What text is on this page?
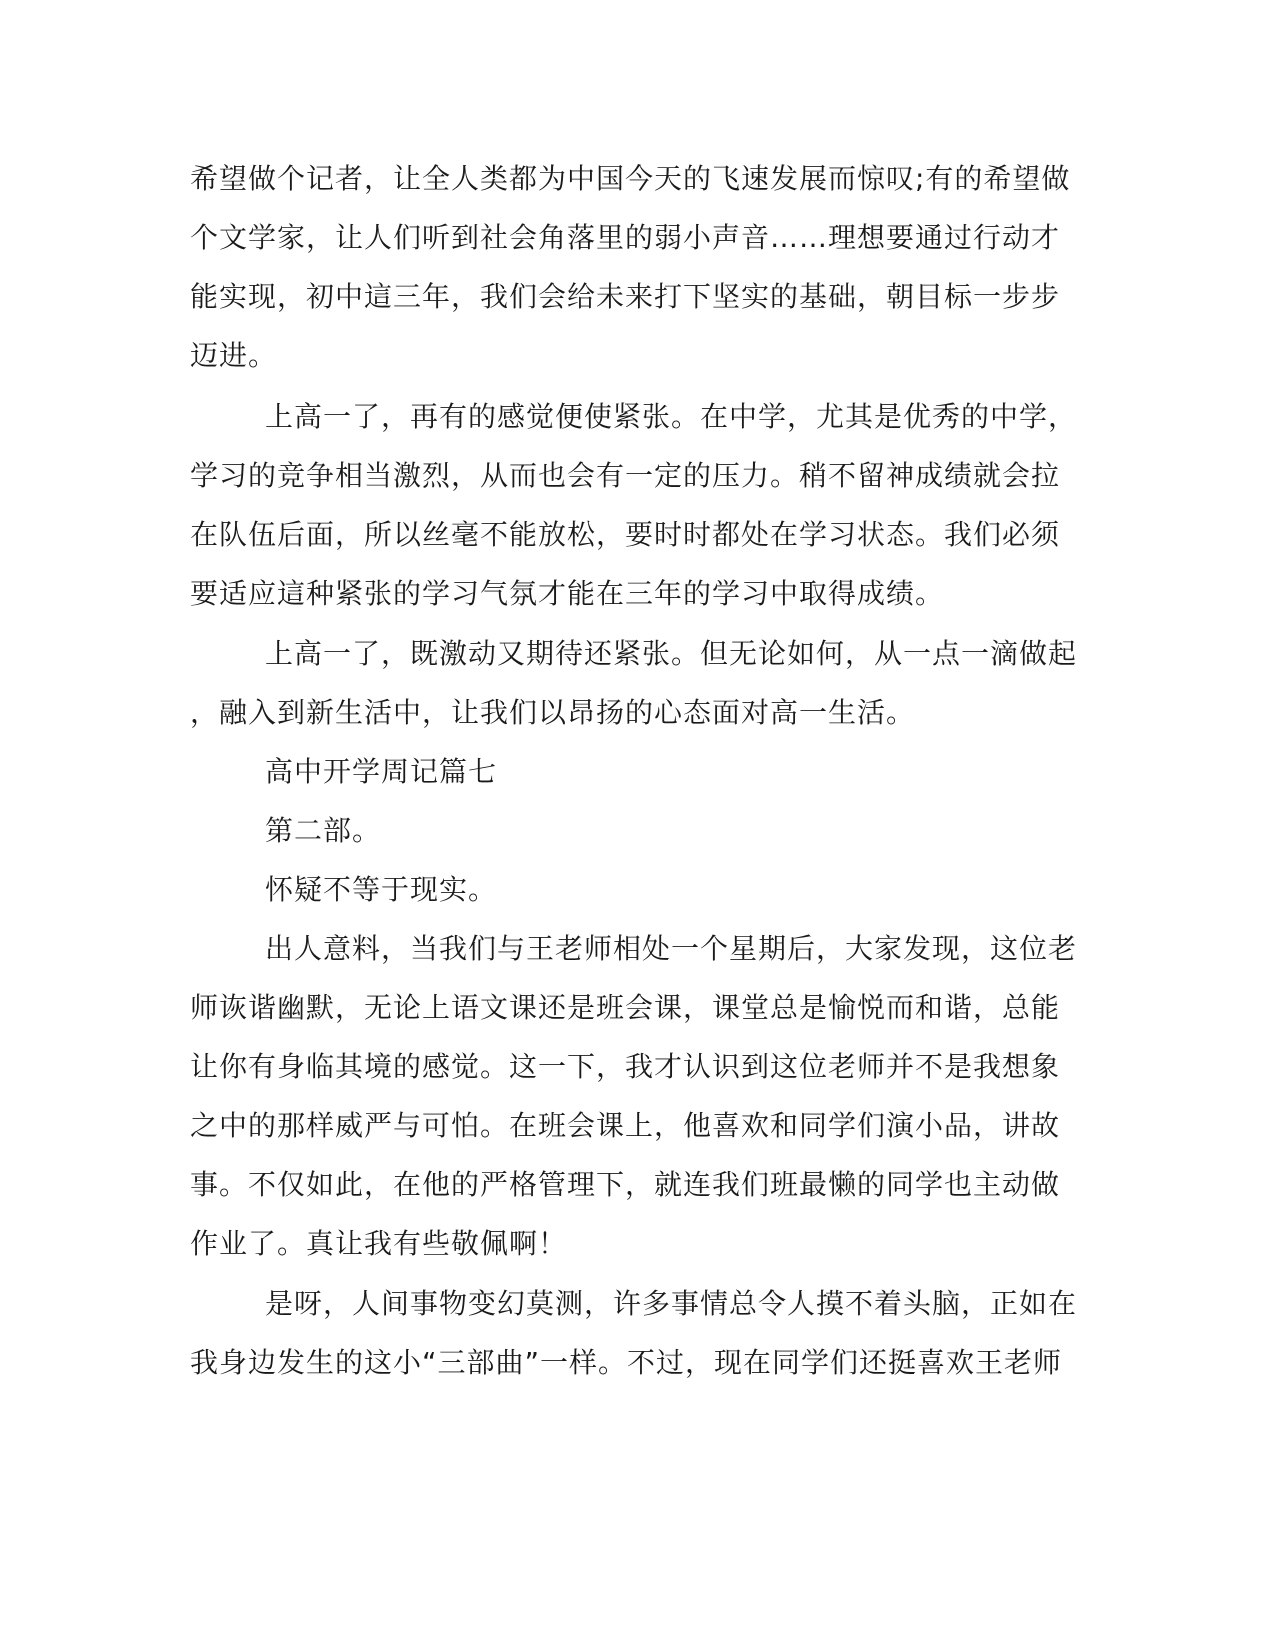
希望做个记者，让全人类都为中国今天的飞速发展而惊叹;有的希望做

个文学家，让人们听到社会角落里的弱小声音……理想要通过行动才

能实现，初中這三年，我们会给未来打下坚实的基础，朝目标一步步

迈进。

上高一了，再有的感觉便使紧张。在中学，尤其是优秀的中学，

学习的竞争相当激烈，从而也会有一定的压力。稍不留神成绩就会拉

在队伍后面，所以丝毫不能放松，要时时都处在学习状态。我们必须

要适应這种紧张的学习气氛才能在三年的学习中取得成绩。

上高一了，既激动又期待还紧张。但无论如何，从一点一滴做起

，融入到新生活中，让我们以昂扬的心态面对高一生活。

高中开学周记篇七

第二部。

怀疑不等于现实。

出人意料，当我们与王老师相处一个星期后，大家发现，这位老

师诙谐幽默，无论上语文课还是班会课，课堂总是愉悦而和谐，总能

让你有身临其境的感觉。这一下，我才认识到这位老师并不是我想象

之中的那样威严与可怕。在班会课上，他喜欢和同学们演小品，讲故

事。不仅如此，在他的严格管理下，就连我们班最懒的同学也主动做

作业了。真让我有些敬佩啊！

是呀，人间事物变幻莫测，许多事情总令人摸不着头脑，正如在

我身边发生的这小“三部曲”一样。不过，现在同学们还挺喜欢王老师
